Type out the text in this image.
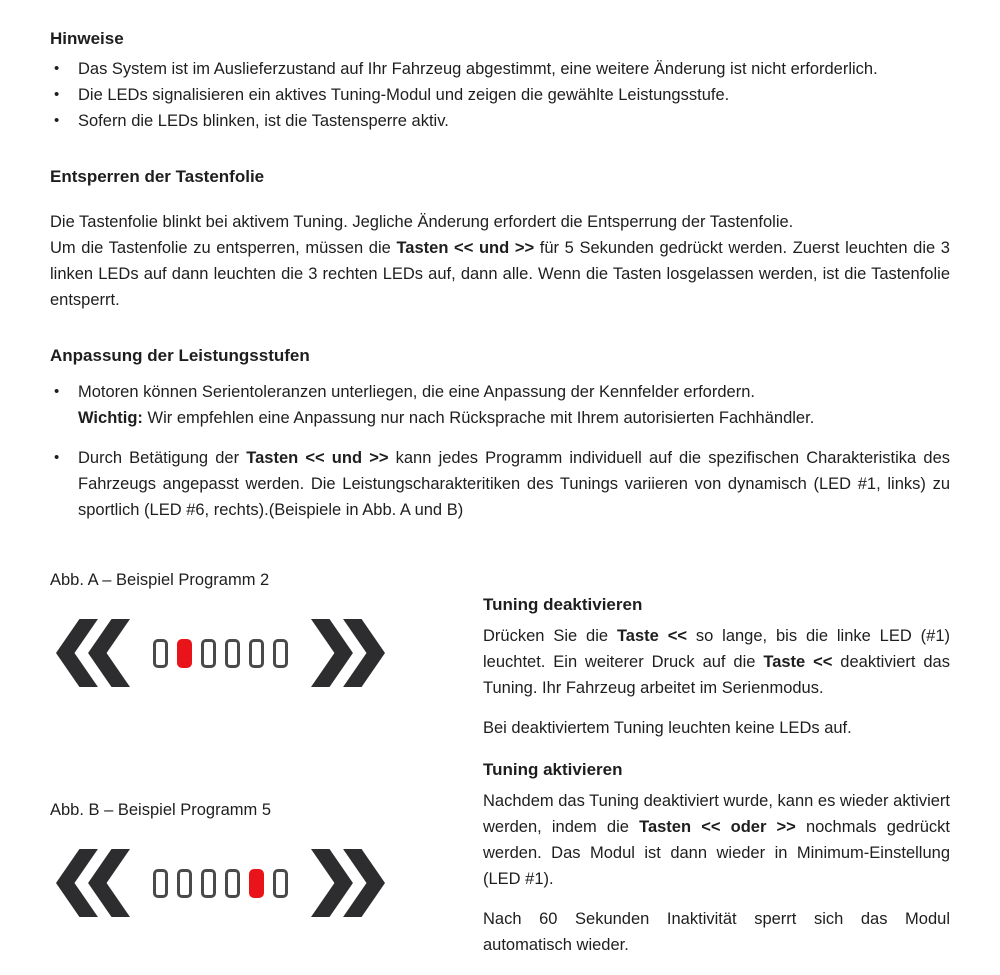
Hinweise
• Das System ist im Auslieferzustand auf Ihr Fahrzeug abgestimmt, eine weitere Änderung ist nicht erforderlich.
• Die LEDs signalisieren ein aktives Tuning-Modul und zeigen die gewählte Leistungsstufe.
• Sofern die LEDs blinken, ist die Tastensperre aktiv.
Entsperren der Tastenfolie

Die Tastenfolie blinkt bei aktivem Tuning. Jegliche Änderung erfordert die Entsperrung der Tastenfolie.

Um die Tastenfolie zu entsperren, müssen die Tasten << und >> für 5 Sekunden gedrückt werden. Zuerst leuchten die 3 linken LEDs auf dann leuchten die 3 rechten LEDs auf, dann alle. Wenn die Tasten losgelassen werden, ist die Tastenfolie entsperrt.

Anpassung der Leistungsstufen
• Motoren können Serientoleranzen unterliegen, die eine Anpassung der Kennfelder erfordern.
Wichtig: Wir empfehlen eine Anpassung nur nach Rücksprache mit Ihrem autorisierten Fachhändler.
• Durch Betätigung der Tasten << und >> kann jedes Programm individuell auf die spezifischen Charakteristika des Fahrzeugs angepasst werden. Die Leistungscharakteritiken des Tunings variieren von dynamisch (LED #1, links) zu sportlich (LED #6, rechts).(Beispiele in Abb. A und B)

Abb. A – Beispiel Programm 2

Abb. B – Beispiel Programm 5

Tuning deaktivieren

Drücken Sie die Taste << so lange, bis die linke LED (#1) leuchtet. Ein weiterer Druck auf die Taste << deaktiviert das Tuning. Ihr Fahrzeug arbeitet im Serienmodus.

Bei deaktiviertem Tuning leuchten keine LEDs auf.

Tuning aktivieren

Nachdem das Tuning deaktiviert wurde, kann es wieder aktiviert werden, indem die Tasten << oder >> nochmals gedrückt werden. Das Modul ist dann wieder in Minimum-Einstellung (LED #1).

Nach 60 Sekunden Inaktivität sperrt sich das Modul automatisch wieder.
